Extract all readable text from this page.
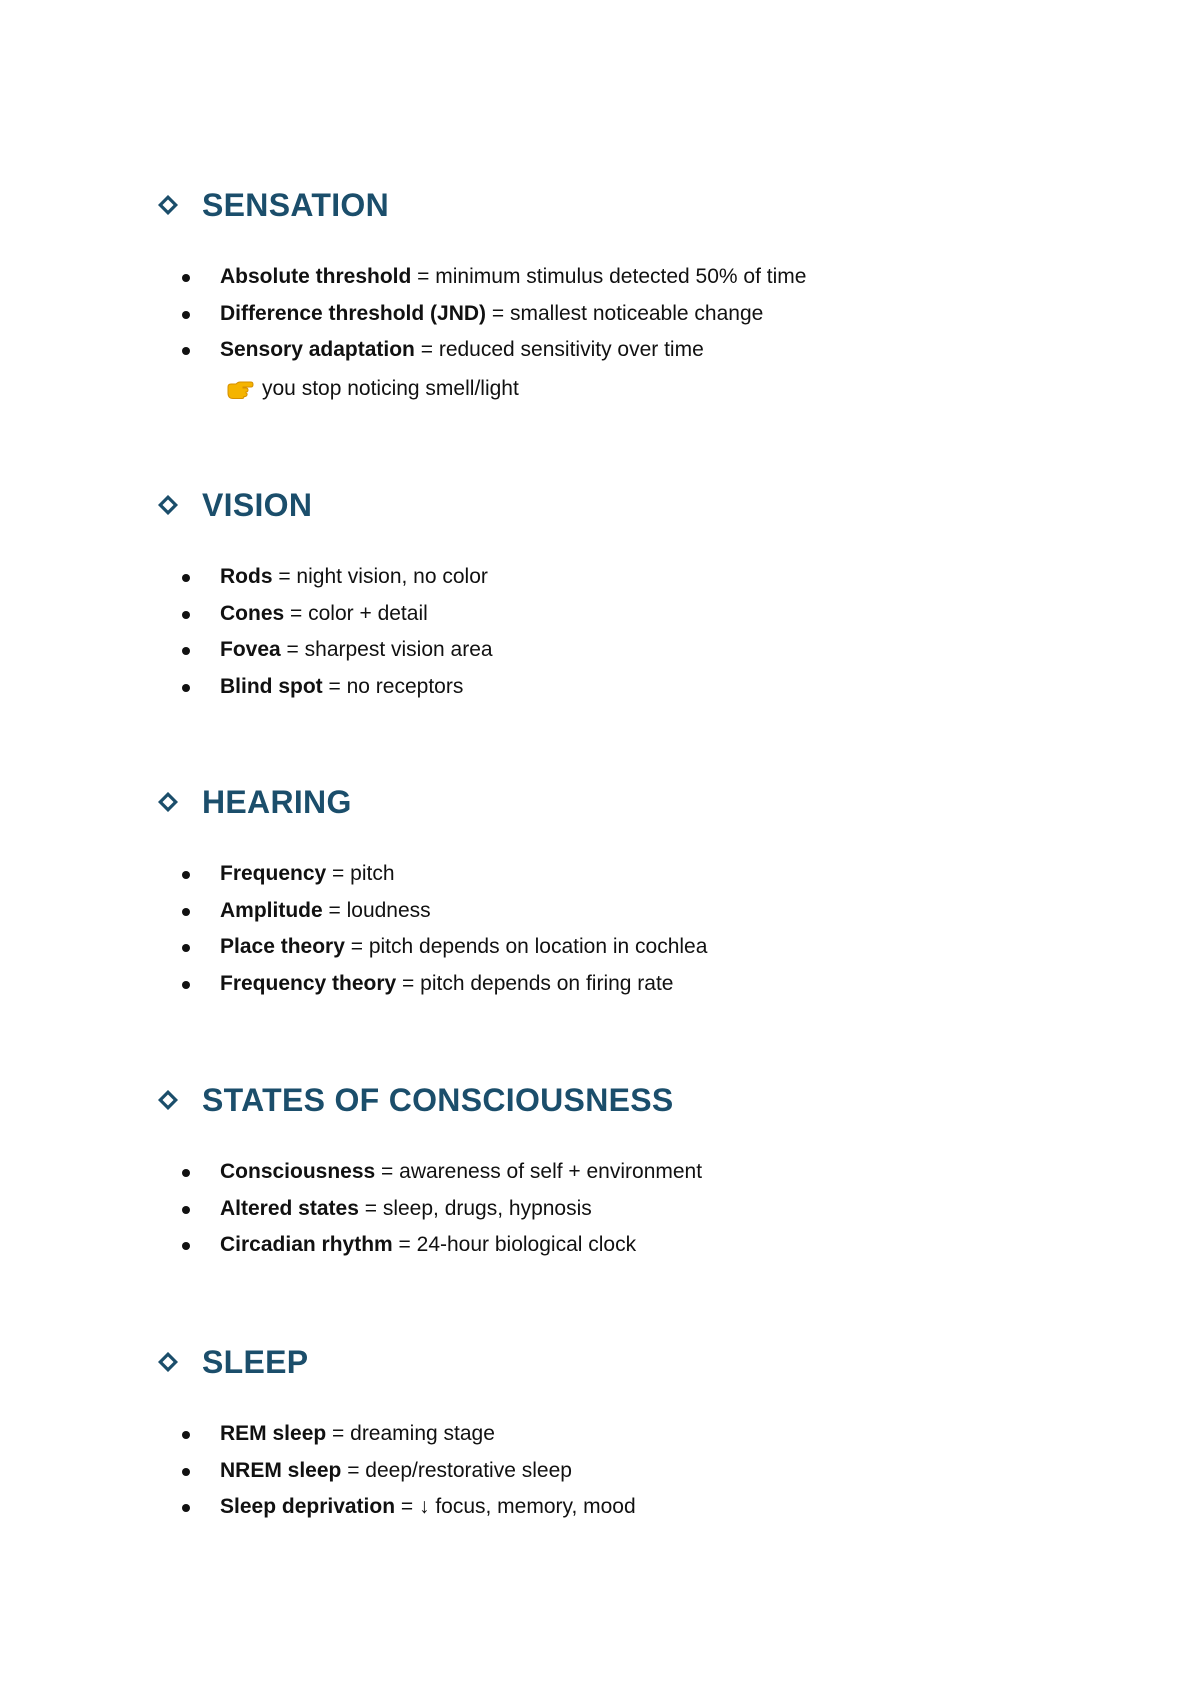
SENSATION
Absolute threshold = minimum stimulus detected 50% of time
Difference threshold (JND) = smallest noticeable change
Sensory adaptation = reduced sensitivity over time
you stop noticing smell/light
VISION
Rods = night vision, no color
Cones = color + detail
Fovea = sharpest vision area
Blind spot = no receptors
HEARING
Frequency = pitch
Amplitude = loudness
Place theory = pitch depends on location in cochlea
Frequency theory = pitch depends on firing rate
STATES OF CONSCIOUSNESS
Consciousness = awareness of self + environment
Altered states = sleep, drugs, hypnosis
Circadian rhythm = 24-hour biological clock
SLEEP
REM sleep = dreaming stage
NREM sleep = deep/restorative sleep
Sleep deprivation = ↓ focus, memory, mood
